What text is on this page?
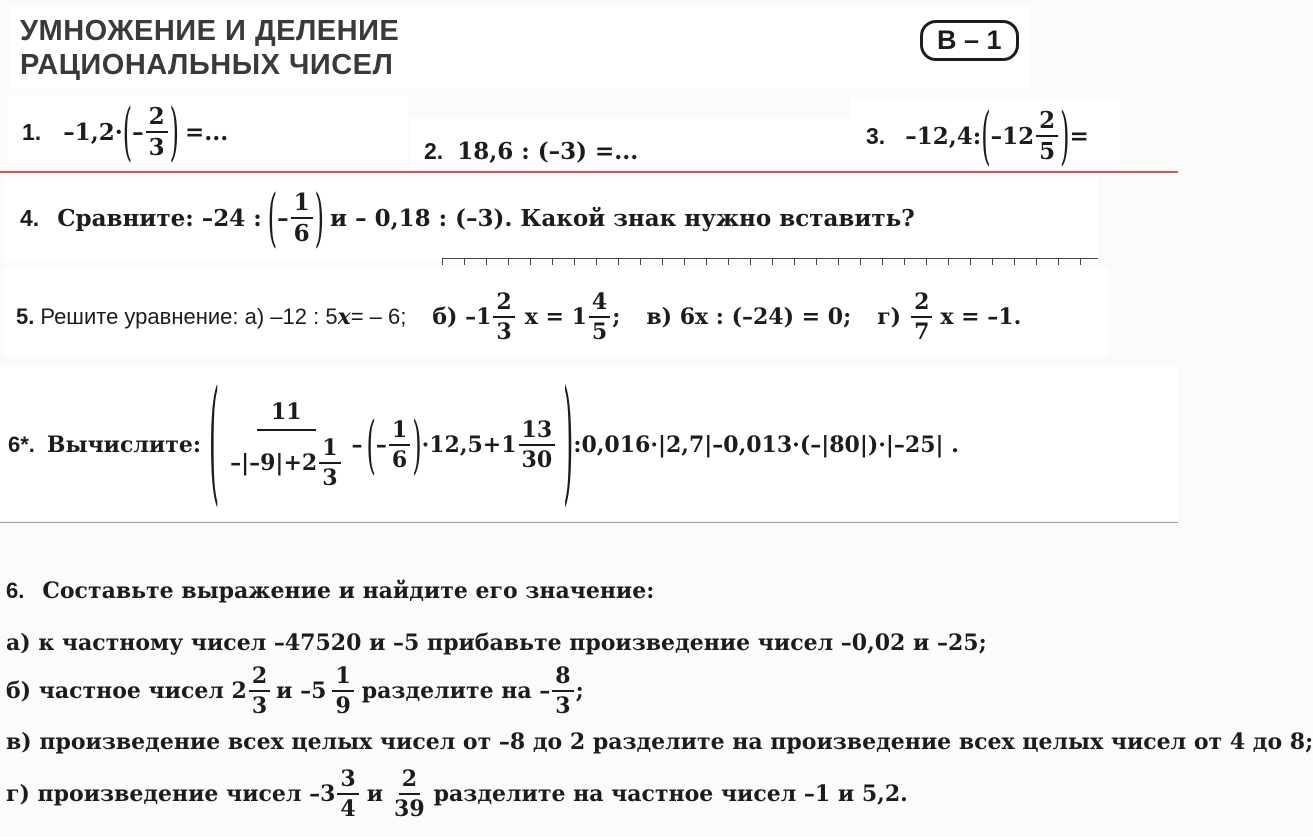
УМНОЖЕНИЕ И ДЕЛЕНИЕ
РАЦИОНАЛЬНЫХ ЧИСЕЛ
В – 1
1. –1,2· ( – $\frac{2}{3}$ ) =...
2. 18,6 : (–3) =...
3. –12,4: ( $-12 \frac{2}{5}$ ) =
4. Сравните: –24 : ( – $\frac{1}{6}$ ) и – 0,18 : (–3). Какой знак нужно вставить?
5. Решите уравнение: а) –12 : 5 x = – 6; б) $-1 \frac{2}{3}$ $x = 1 \frac{4}{5}$ ; в) 6x : (–24) = 0; $г) \frac{2}{7}$ x = –1.
6*. Вычислите: ( $\frac{11}{-|-9|+2 \frac{1}{3}}$ – ( – $\frac{1}{6}$ ) $\cdot 12,5+1 \frac{13}{30}$ ) :0,016·|2,7|–0,013·(–|80|)·|–25| .
6. Составьте выражение и найдите его значение:
а) к частному чисел –47520 и –5 прибавьте произведение чисел –0,02 и –25;
б) частное чисел $2 \frac{2}{3}$ и $-5 \frac{1}{9}$ разделите на – $\frac{8}{3}$ ;
в) произведение всех целых чисел от –8 до 2 разделите на произведение всех целых чисел от 4 до 8;
г) произведение чисел $-3 \frac{3}{4}$ и $\frac{2}{39}$ разделите на частное чисел –1 и 5,2.
